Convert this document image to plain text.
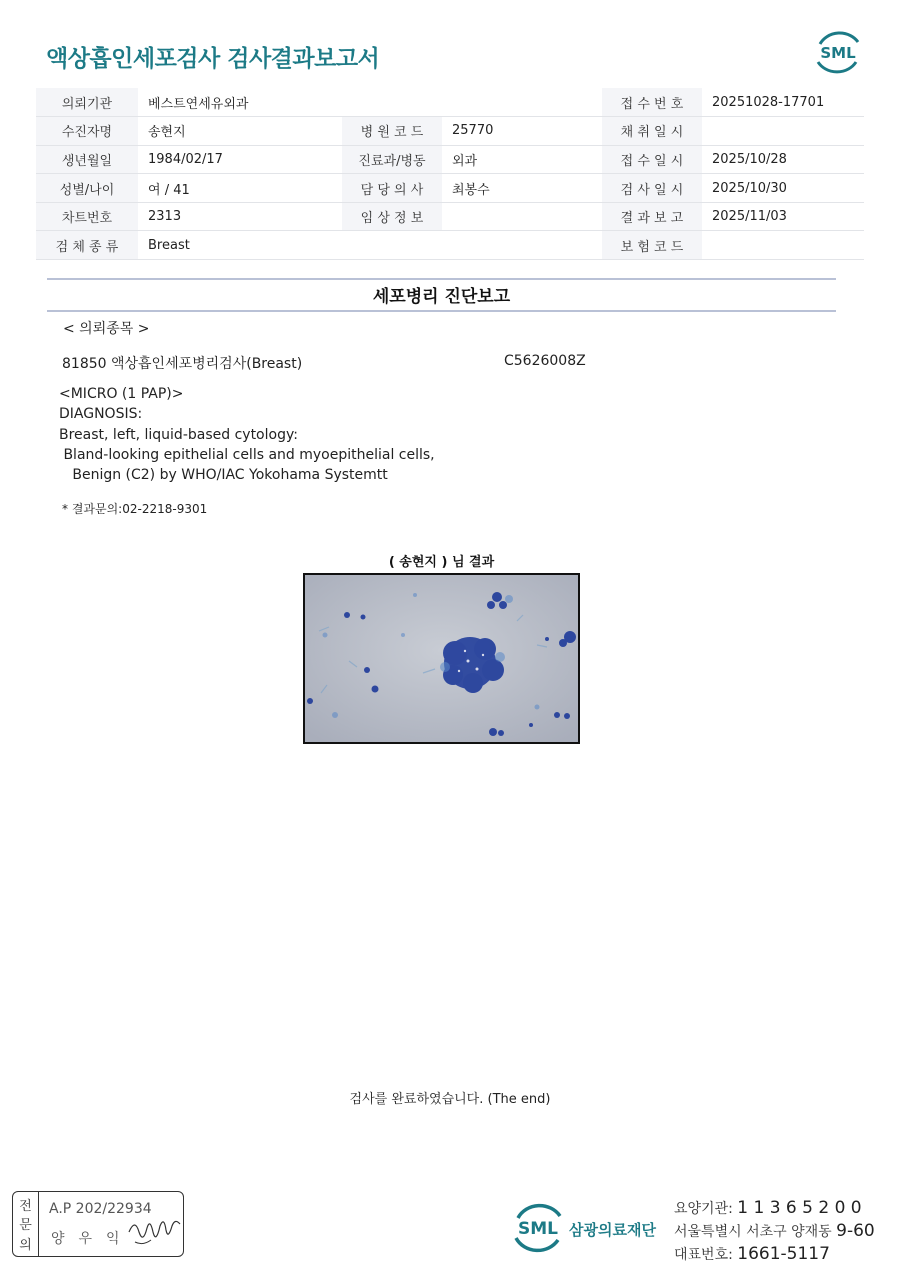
액상흡인세포검사 검사결과보고서	SML
의뢰기관	베스트연세유외과			접 수 번 호	20251028-17701
수진자명	송현지	병 원 코 드	25770	채 취 일 시	
생년월일	1984/02/17	진료과/병동	외과	접 수 일 시	2025/10/28
성별/나이	여 / 41	담 당 의 사	최봉수	검 사 일 시	2025/10/30
차트번호	2313	임 상 정 보		결 과 보 고	2025/11/03
검 체 종 류	Breast			보 험 코 드	
세포병리 진단보고
< 의뢰종목 >
81850 액상흡인세포병리검사(Breast)	C5626008Z
<MICRO (1 PAP)>
DIAGNOSIS:
Breast, left, liquid-based cytology:
Bland-looking epithelial cells and myoepithelial cells,
Benign (C2) by WHO/IAC Yokohama Systemtt
* 결과문의:02-2218-9301
( 송현지 ) 님 결과
검사를 완료하였습니다. (The end)
전
문
의
A.P 202/22934
양우익	SML 삼광의료재단
요양기관: 1 1 3 6 5 2 0 0
서울특별시 서초구 양재동 9-60
대표번호: 1661-5117
